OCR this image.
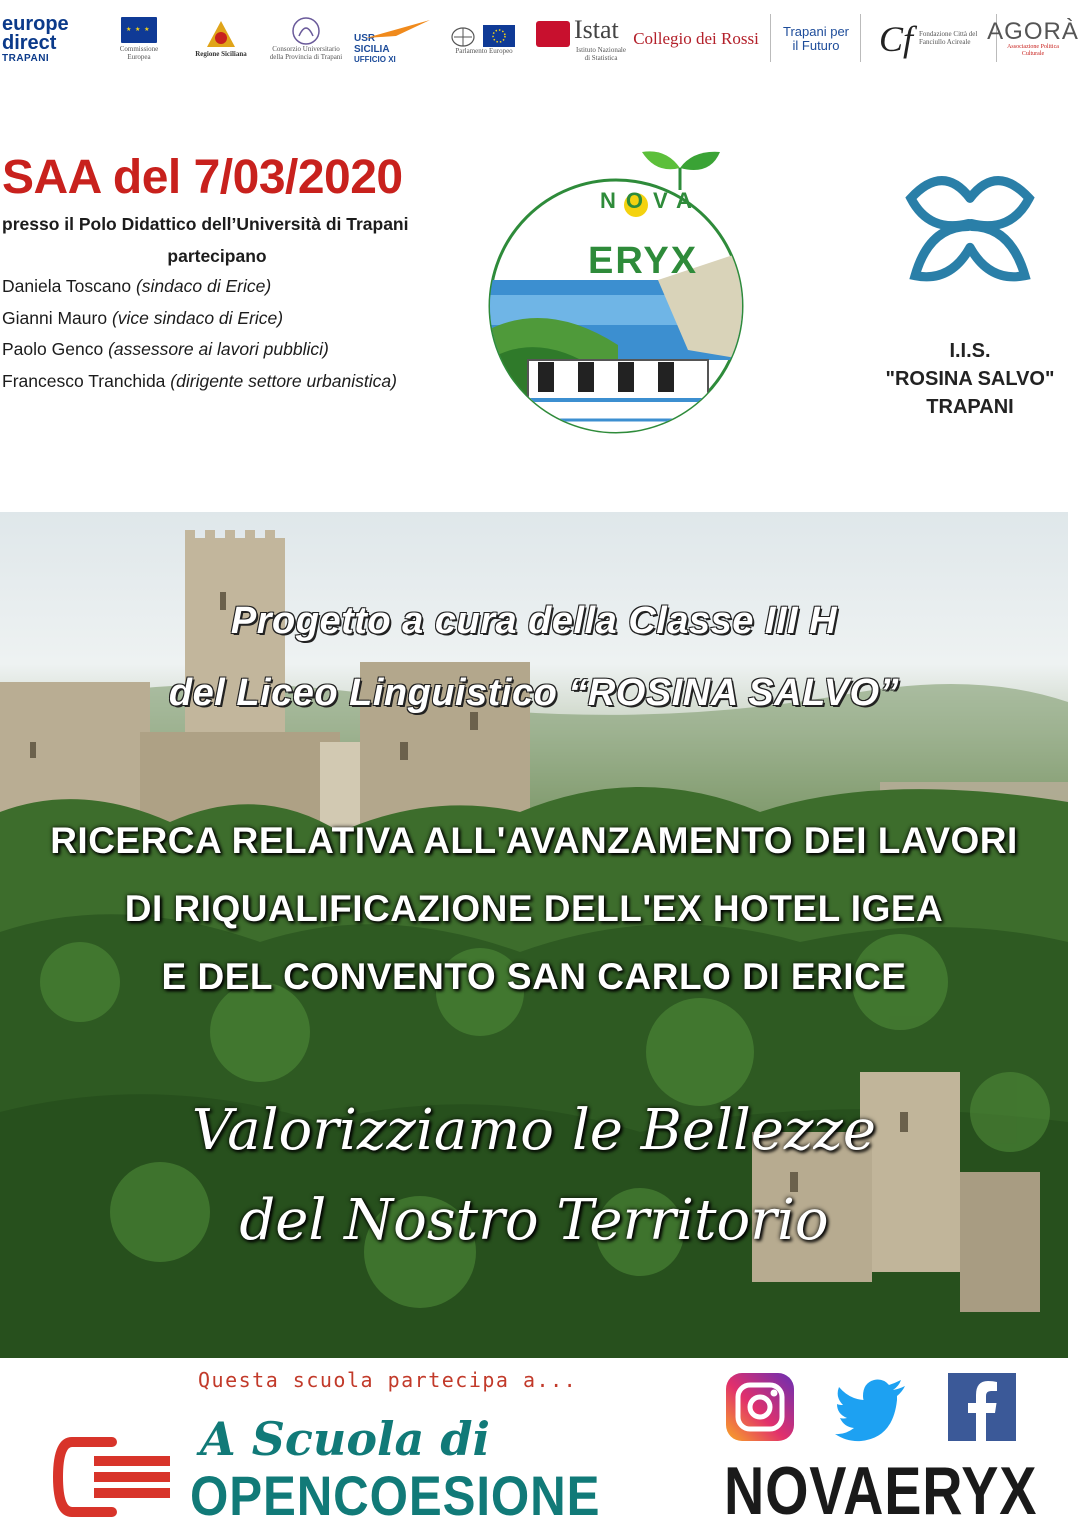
europe
direct
TRAPANI
★ ★ ★
Commissione Europea	Regione Siciliana
Consorzio Universitario della Provincia di Trapani
USR
SICILIA
UFFICIO XI
Parlamento Europeo
Istat
Istituto Nazionale di Statistica
Collegio dei Rossi Trapani per
il Futuro Cf Fondazione Città del Fanciullo Acireale AGORÀ
Associazione Politica Culturale
SAA del 7/03/2020
presso il Polo Didattico dell’Università di Trapani
partecipano
Daniela Toscano (sindaco di Erice)
Gianni Mauro (vice sindaco di Erice)
Paolo Genco (assessore ai lavori pubblici)
Francesco Tranchida (dirigente settore urbanistica)
NOVA
ERYX
I.I.S.
"ROSINA SALVO"
TRAPANI
Progetto a cura della Classe III H
del Liceo Linguistico “ROSINA SALVO”
RICERCA RELATIVA ALL'AVANZAMENTO DEI LAVORI
DI RIQUALIFICAZIONE DELL'EX HOTEL IGEA
E DEL CONVENTO SAN CARLO DI ERICE
Valorizziamo le Bellezze
del Nostro Territorio
Questa scuola partecipa a...
A Scuola di
OPENCOESIONE NOVAERYX
